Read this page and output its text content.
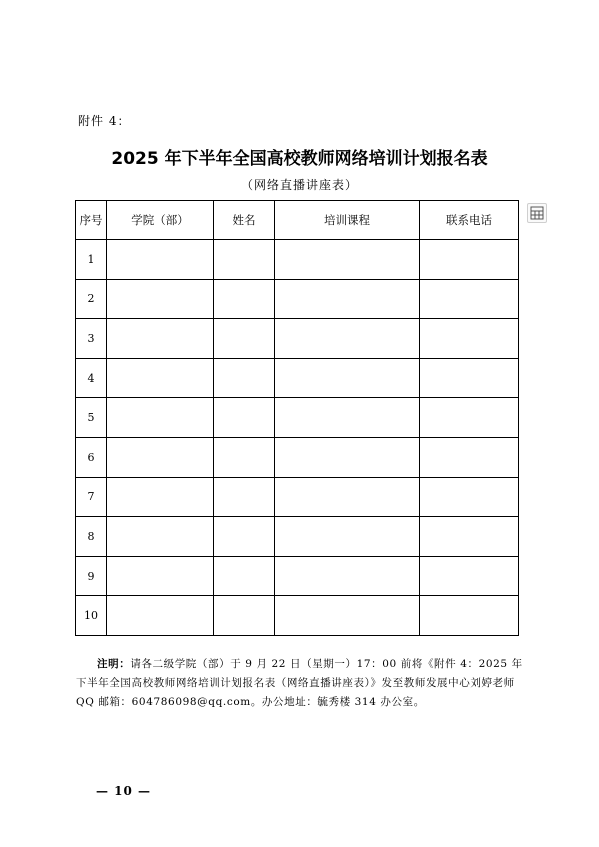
附件 4：
2025 年下半年全国高校教师网络培训计划报名表
（网络直播讲座表）
序号	学院（部）	姓名	培训课程	联系电话
1				
2				
3				
4				
5				
6				
7				
8				
9				
10				
注明：请各二级学院（部）于 9 月 22 日（星期一）17：00 前将《附件 4：2025 年下半年全国高校教师网络培训计划报名表（网络直播讲座表）》发至教师发展中心刘婷老师 QQ 邮箱：604786098@qq.com。办公地址：毓秀楼 314 办公室。
— 10 —
